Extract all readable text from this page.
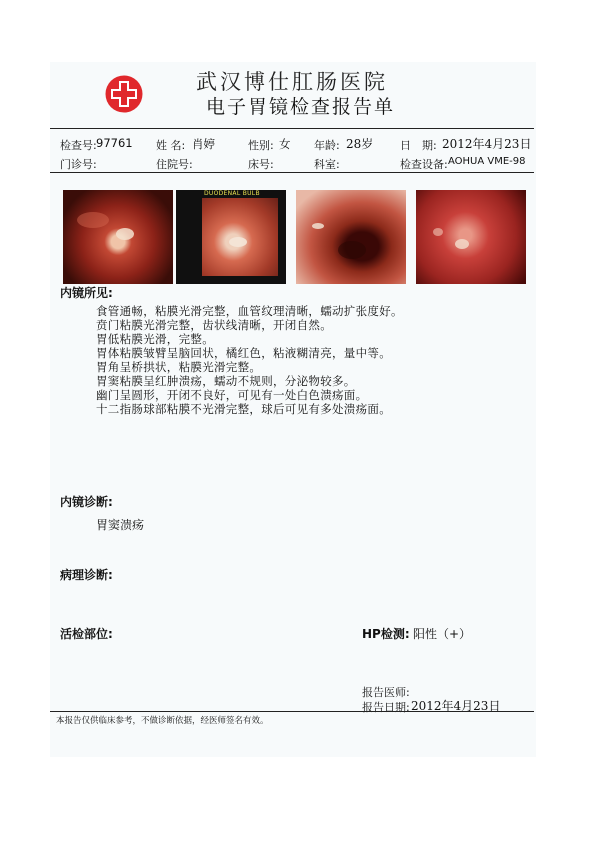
武汉博仕肛肠医院
电子胃镜检查报告单
检查号: 97761 姓 名: 肖婷	性别: 女 年龄: 28岁 日　期: 2012年4月23日
门诊号:	住院号:	床号:	科室:	检查设备: AOHUA VME-98
DUODENAL BULB
内镜所见:
食管通畅，粘膜光滑完整，血管纹理清晰，蠕动扩张度好。
贲门粘膜光滑完整，齿状线清晰，开闭自然。
胃低粘膜光滑，完整。
胃体粘膜皱臂呈脑回状，橘红色，粘液糊清亮，量中等。
胃角呈桥拱状，粘膜光滑完整。
胃窦粘膜呈红肿溃疡，蠕动不规则，分泌物较多。
幽门呈圆形，开闭不良好，可见有一处白色溃疡面。
十二指肠球部粘膜不光滑完整，球后可见有多处溃疡面。
内镜诊断:
胃窦溃疡
病理诊断:
活检部位:	HP检测: 阳性（+）
报告医师:
报告日期: 2012年4月23日
本报告仅供临床参考，不做诊断依据，经医师签名有效。
